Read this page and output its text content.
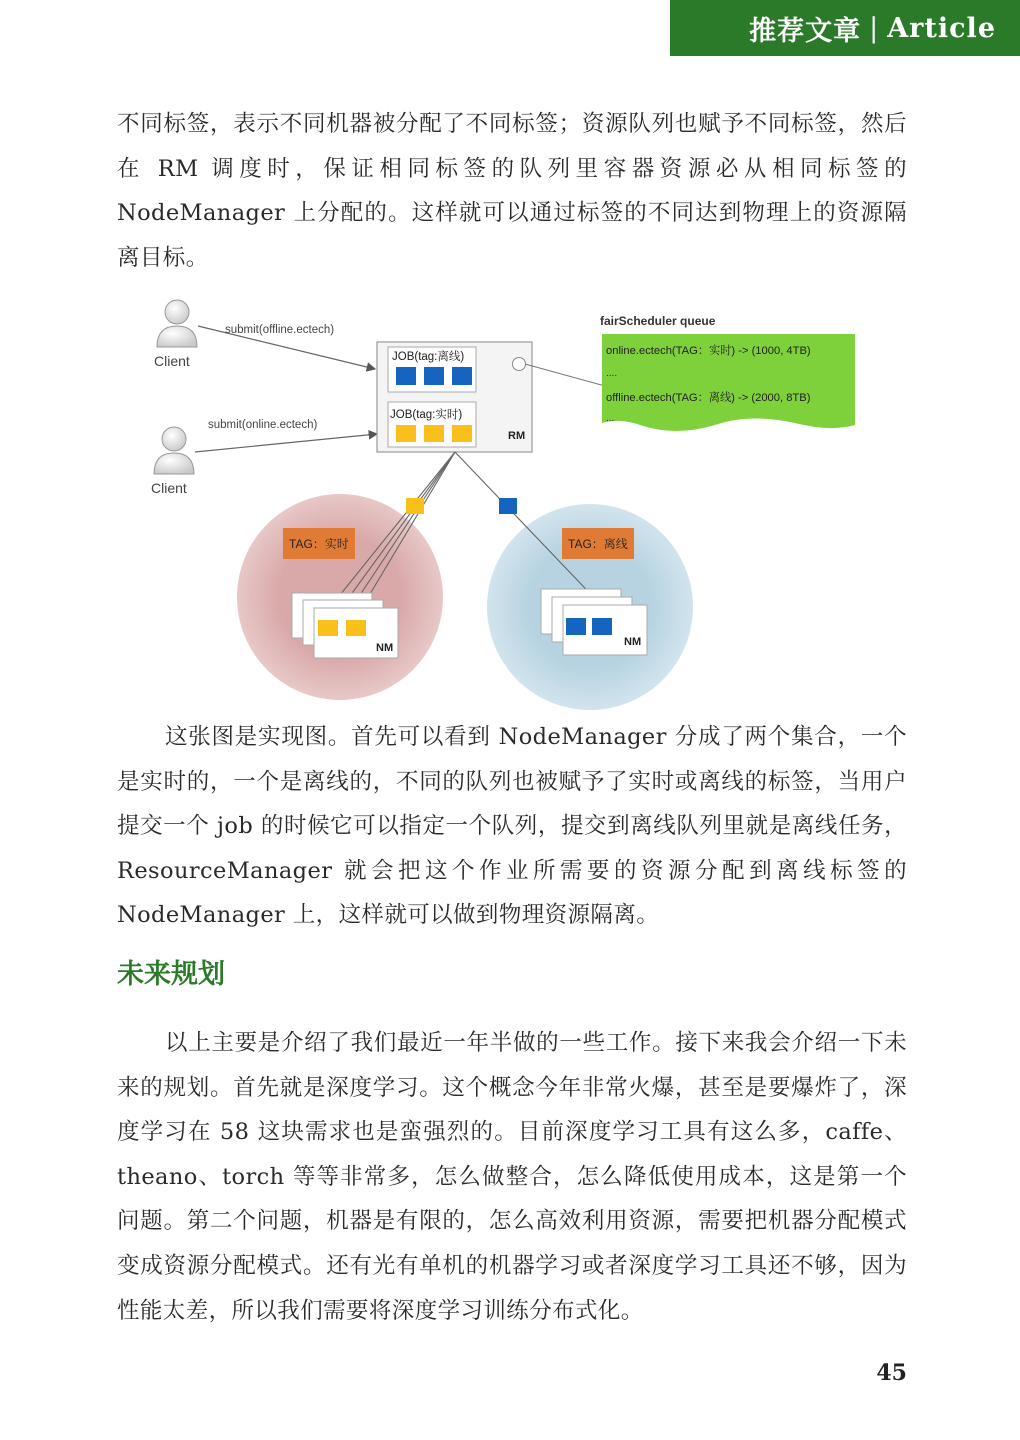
推荐文章 | Article

不同标签，表示不同机器被分配了不同标签；资源队列也赋予不同标签，然后在 RM 调度时，保证相同标签的队列里容器资源必从相同标签的 NodeManager 上分配的。这样就可以通过标签的不同达到物理上的资源隔离目标。

Client
Client
submit(offline.ectech)
submit(online.ectech)
JOB(tag:离线)
JOB(tag:实时)
RM
fairScheduler queue
online.ectech(TAG：实时) -> (1000, 4TB)
....
offline.ectech(TAG：离线) -> (2000, 8TB)
...
TAG：实时	TAG：离线
NM	NM

这张图是实现图。首先可以看到 NodeManager 分成了两个集合，一个是实时的，一个是离线的，不同的队列也被赋予了实时或离线的标签，当用户提交一个 job 的时候它可以指定一个队列，提交到离线队列里就是离线任务，ResourceManager 就会把这个作业所需要的资源分配到离线标签的 NodeManager 上，这样就可以做到物理资源隔离。

未来规划

以上主要是介绍了我们最近一年半做的一些工作。接下来我会介绍一下未来的规划。首先就是深度学习。这个概念今年非常火爆，甚至是要爆炸了，深度学习在 58 这块需求也是蛮强烈的。目前深度学习工具有这么多，caffe、theano、torch 等等非常多，怎么做整合，怎么降低使用成本，这是第一个问题。第二个问题，机器是有限的，怎么高效利用资源，需要把机器分配模式变成资源分配模式。还有光有单机的机器学习或者深度学习工具还不够，因为性能太差，所以我们需要将深度学习训练分布式化。

45
